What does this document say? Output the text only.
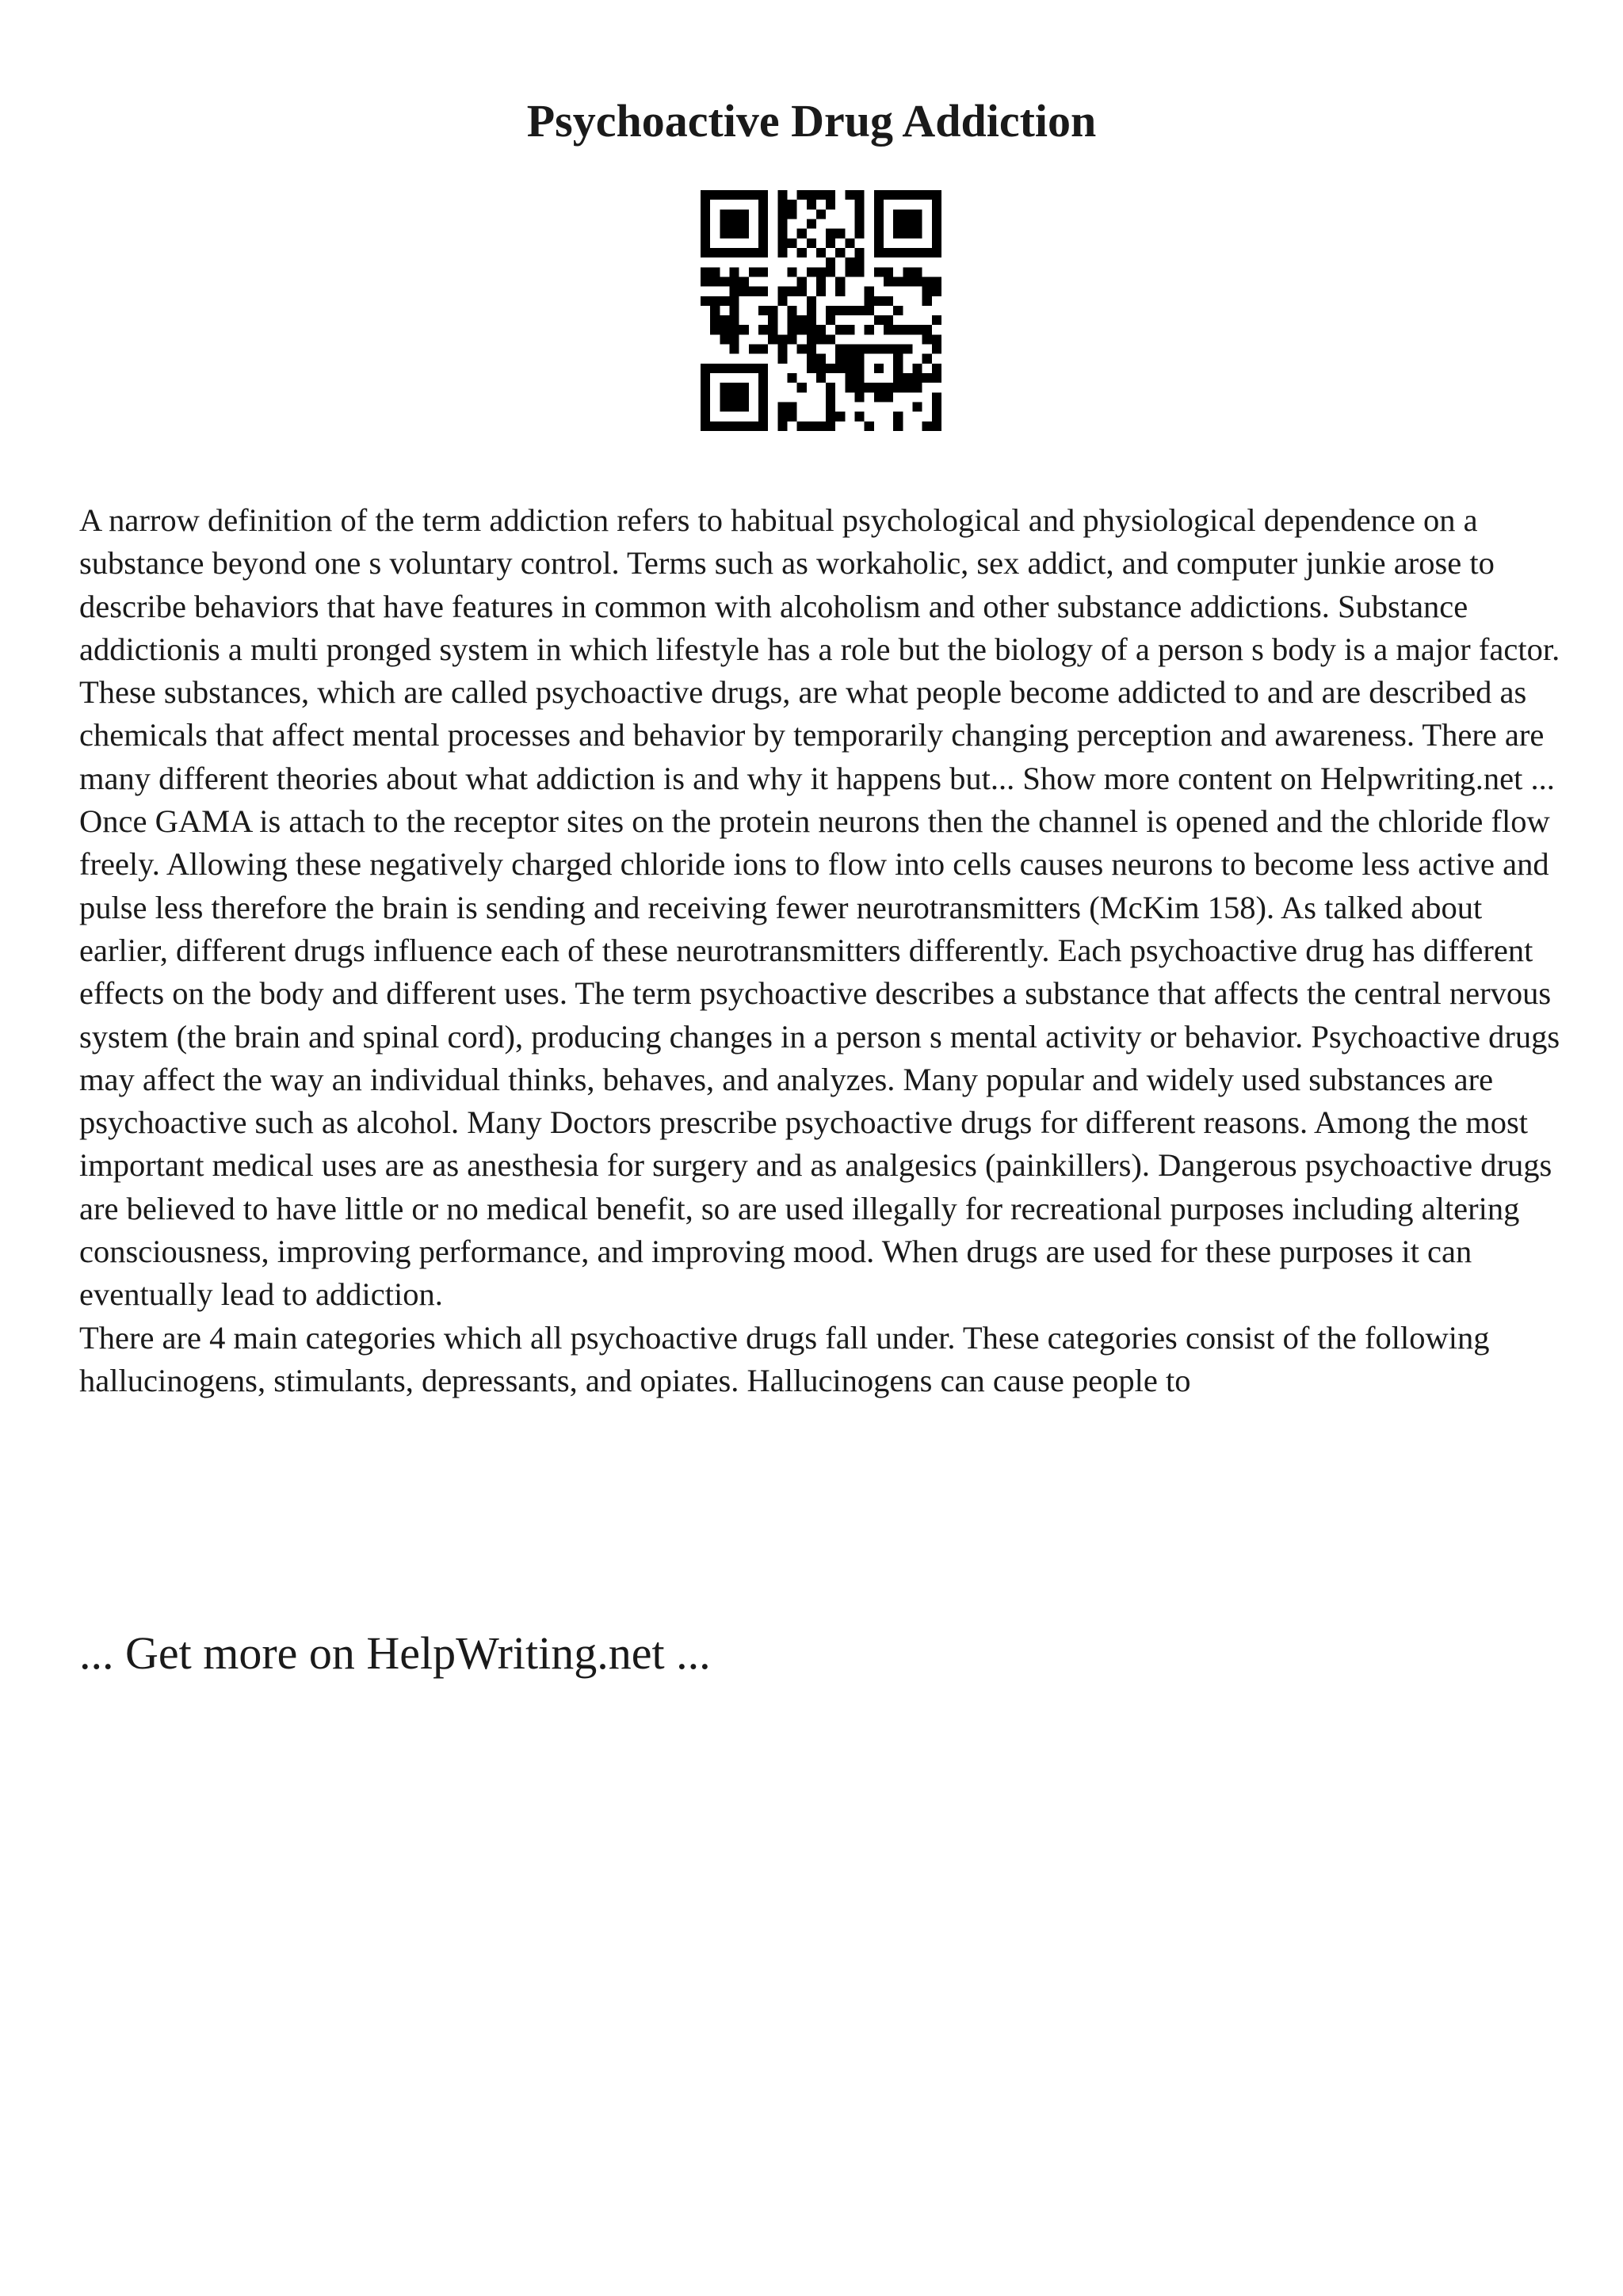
Psychoactive Drug Addiction

A narrow definition of the term addiction refers to habitual psychological and physiological dependence on a substance beyond one s voluntary control. Terms such as workaholic, sex addict, and computer junkie arose to describe behaviors that have features in common with alcoholism and other substance addictions. Substance addictionis a multi pronged system in which lifestyle has a role but the biology of a person s body is a major factor. These substances, which are called psychoactive drugs, are what people become addicted to and are described as chemicals that affect mental processes and behavior by temporarily changing perception and awareness. There are many different theories about what addiction is and why it happens but... Show more content on Helpwriting.net ...

Once GAMA is attach to the receptor sites on the protein neurons then the channel is opened and the chloride flow freely. Allowing these negatively charged chloride ions to flow into cells causes neurons to become less active and pulse less therefore the brain is sending and receiving fewer neurotransmitters (McKim 158). As talked about earlier, different drugs influence each of these neurotransmitters differently. Each psychoactive drug has different effects on the body and different uses. The term psychoactive describes a substance that affects the central nervous system (the brain and spinal cord), producing changes in a person s mental activity or behavior. Psychoactive drugs may affect the way an individual thinks, behaves, and analyzes. Many popular and widely used substances are psychoactive such as alcohol. Many Doctors prescribe psychoactive drugs for different reasons. Among the most important medical uses are as anesthesia for surgery and as analgesics (painkillers). Dangerous psychoactive drugs are believed to have little or no medical benefit, so are used illegally for recreational purposes including altering consciousness, improving performance, and improving mood. When drugs are used for these purposes it can eventually lead to addiction.

There are 4 main categories which all psychoactive drugs fall under. These categories consist of the following hallucinogens, stimulants, depressants, and opiates. Hallucinogens can cause people to

... Get more on HelpWriting.net ...
